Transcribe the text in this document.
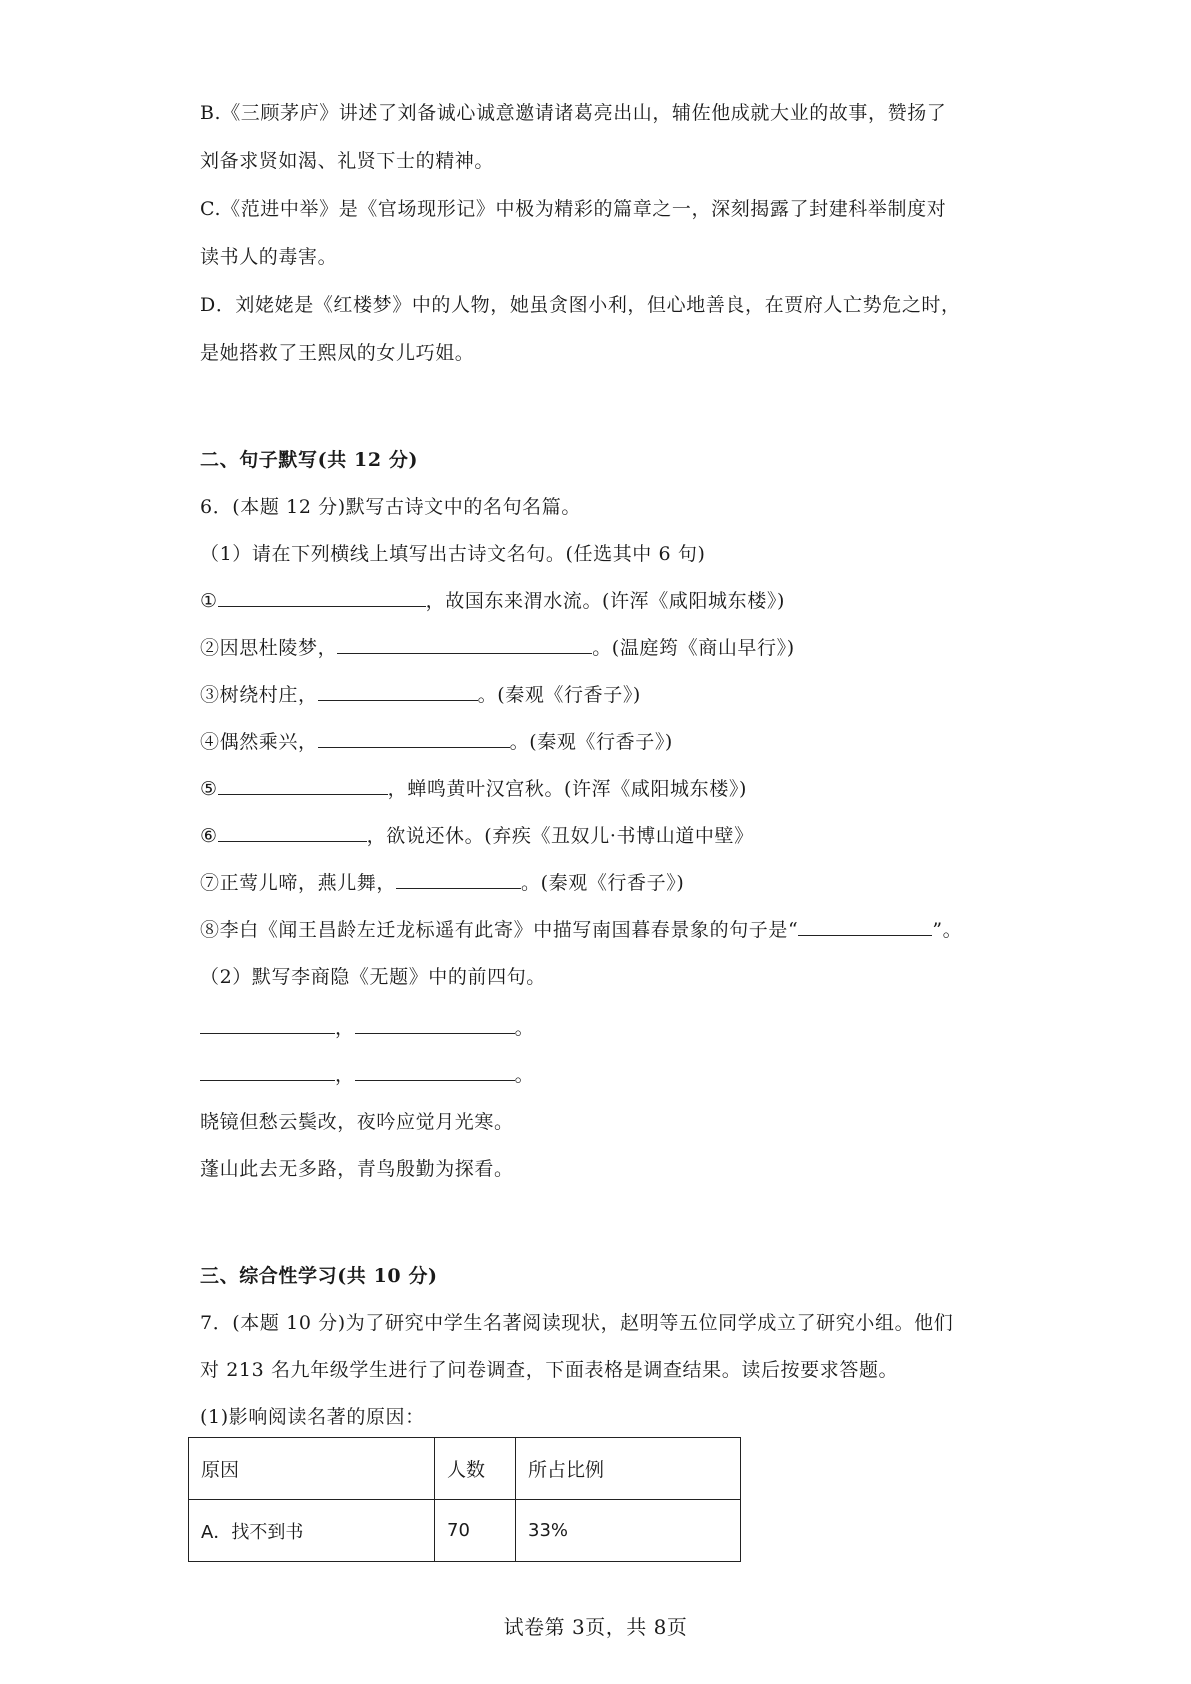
B.《三顾茅庐》讲述了刘备诚心诚意邀请诸葛亮出山，辅佐他成就大业的故事，赞扬了
刘备求贤如渴、礼贤下士的精神。
C.《范进中举》是《官场现形记》中极为精彩的篇章之一，深刻揭露了封建科举制度对
读书人的毒害。
D．刘姥姥是《红楼梦》中的人物，她虽贪图小利，但心地善良，在贾府人亡势危之时，
是她搭救了王熙凤的女儿巧姐。
二、句子默写(共 12 分)
6．(本题 12 分)默写古诗文中的名句名篇。
（1）请在下列横线上填写出古诗文名句。(任选其中 6 句)
①	，故国东来渭水流。(许浑《咸阳城东楼》)
②因思杜陵梦，	。(温庭筠《商山早行》)
③树绕村庄，	。(秦观《行香子》)
④偶然乘兴，	。(秦观《行香子》)
⑤	，蝉鸣黄叶汉宫秋。(许浑《咸阳城东楼》)
⑥	，欲说还休。(弃疾《丑奴儿·书博山道中壁》
⑦正莺儿啼，燕儿舞，	。(秦观《行香子》)
⑧李白《闻王昌龄左迁龙标遥有此寄》中描写南国暮春景象的句子是“	”。
（2）默写李商隐《无题》中的前四句。
，	。
，	。
晓镜但愁云鬓改，夜吟应觉月光寒。
蓬山此去无多路，青鸟殷勤为探看。
三、综合性学习(共 10 分)
7．(本题 10 分)为了研究中学生名著阅读现状，赵明等五位同学成立了研究小组。他们
对 213 名九年级学生进行了问卷调查，下面表格是调查结果。读后按要求答题。
(1)影响阅读名著的原因：
原因	人数	所占比例
A．找不到书	70	33%
试卷第 3页，共 8页
